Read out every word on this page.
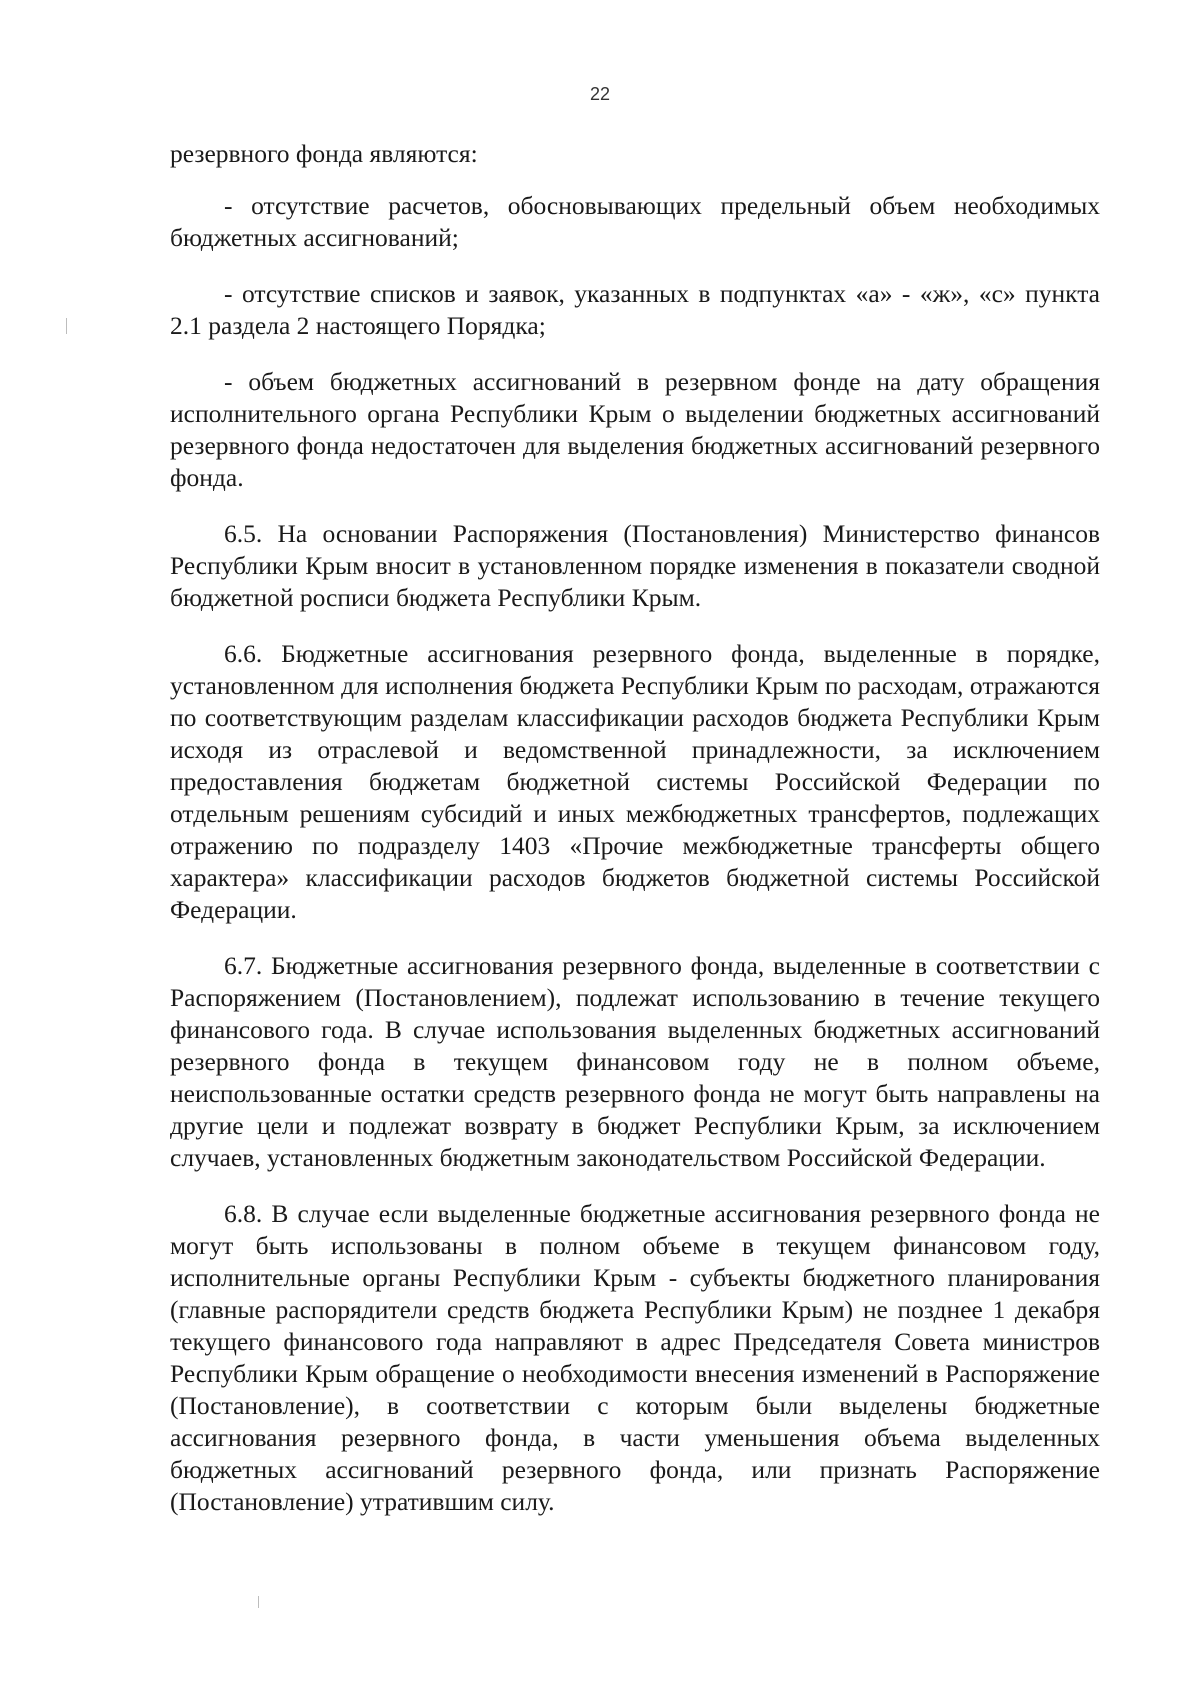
22

резервного фонда являются:

- отсутствие расчетов, обосновывающих предельный объем необходимых бюджетных ассигнований;

- отсутствие списков и заявок, указанных в подпунктах «а» - «ж», «с» пункта 2.1 раздела 2 настоящего Порядка;

- объем бюджетных ассигнований в резервном фонде на дату обращения исполнительного органа Республики Крым о выделении бюджетных ассигнований резервного фонда недостаточен для выделения бюджетных ассигнований резервного фонда.

6.5. На основании Распоряжения (Постановления) Министерство финансов Республики Крым вносит в установленном порядке изменения в показатели сводной бюджетной росписи бюджета Республики Крым.

6.6. Бюджетные ассигнования резервного фонда, выделенные в порядке, установленном для исполнения бюджета Республики Крым по расходам, отражаются по соответствующим разделам классификации расходов бюджета Республики Крым исходя из отраслевой и ведомственной принадлежности, за исключением предоставления бюджетам бюджетной системы Российской Федерации по отдельным решениям субсидий и иных межбюджетных трансфертов, подлежащих отражению по подразделу 1403 «Прочие межбюджетные трансферты общего характера» классификации расходов бюджетов бюджетной системы Российской Федерации.

6.7. Бюджетные ассигнования резервного фонда, выделенные в соответствии с Распоряжением (Постановлением), подлежат использованию в течение текущего финансового года. В случае использования выделенных бюджетных ассигнований резервного фонда в текущем финансовом году не в полном объеме, неиспользованные остатки средств резервного фонда не могут быть направлены на другие цели и подлежат возврату в бюджет Республики Крым, за исключением случаев, установленных бюджетным законодательством Российской Федерации.

6.8. В случае если выделенные бюджетные ассигнования резервного фонда не могут быть использованы в полном объеме в текущем финансовом году, исполнительные органы Республики Крым - субъекты бюджетного планирования (главные распорядители средств бюджета Республики Крым) не позднее 1 декабря текущего финансового года направляют в адрес Председателя Совета министров Республики Крым обращение о необходимости внесения изменений в Распоряжение (Постановление), в соответствии с которым были выделены бюджетные ассигнования резервного фонда, в части уменьшения объема выделенных бюджетных ассигнований резервного фонда, или признать Распоряжение (Постановление) утратившим силу.
